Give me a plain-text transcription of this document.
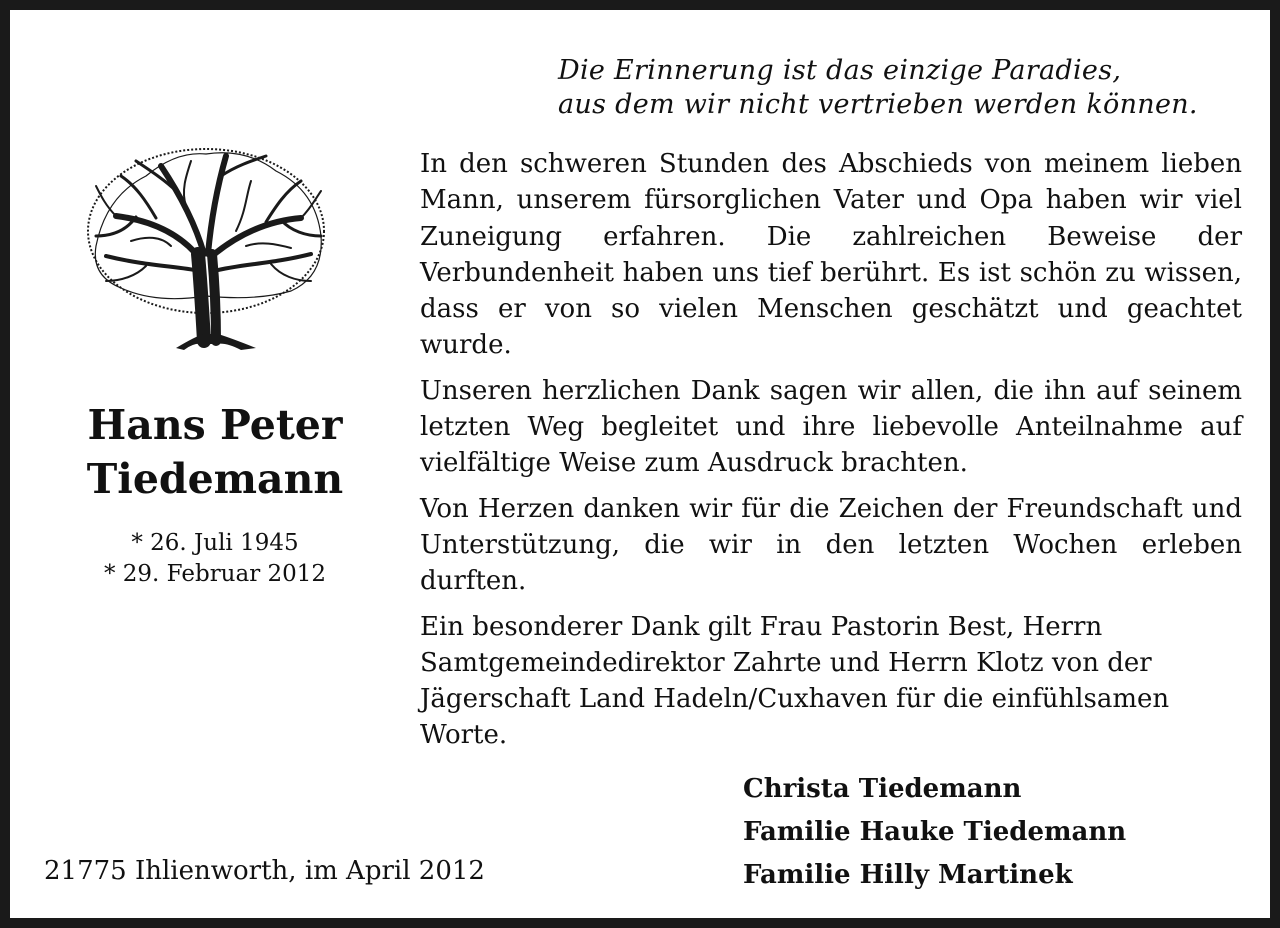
Die Erinnerung ist das einzige Paradies,
aus dem wir nicht vertrieben werden können.
Hans Peter
Tiedemann
* 26. Juli 1945
* 29. Februar 2012

In den schweren Stunden des Abschieds von meinem lieben Mann, unserem fürsorglichen Vater und Opa haben wir viel Zuneigung erfahren. Die zahlreichen Beweise der Verbundenheit haben uns tief berührt. Es ist schön zu wissen, dass er von so vielen Menschen geschätzt und geachtet wurde.

Unseren herzlichen Dank sagen wir allen, die ihn auf seinem letzten Weg begleitet und ihre liebevolle Anteilnahme auf vielfältige Weise zum Ausdruck brachten.

Von Herzen danken wir für die Zeichen der Freundschaft und Unterstützung, die wir in den letzten Wochen erleben durften.

Ein besonderer Dank gilt Frau Pastorin Best, Herrn Samtgemeindedirektor Zahrte und Herrn Klotz von der Jägerschaft Land Hadeln/Cuxhaven für die einfühlsamen Worte.

Christa Tiedemann
Familie Hauke Tiedemann
Familie Hilly Martinek
21775 Ihlienworth, im April 2012
